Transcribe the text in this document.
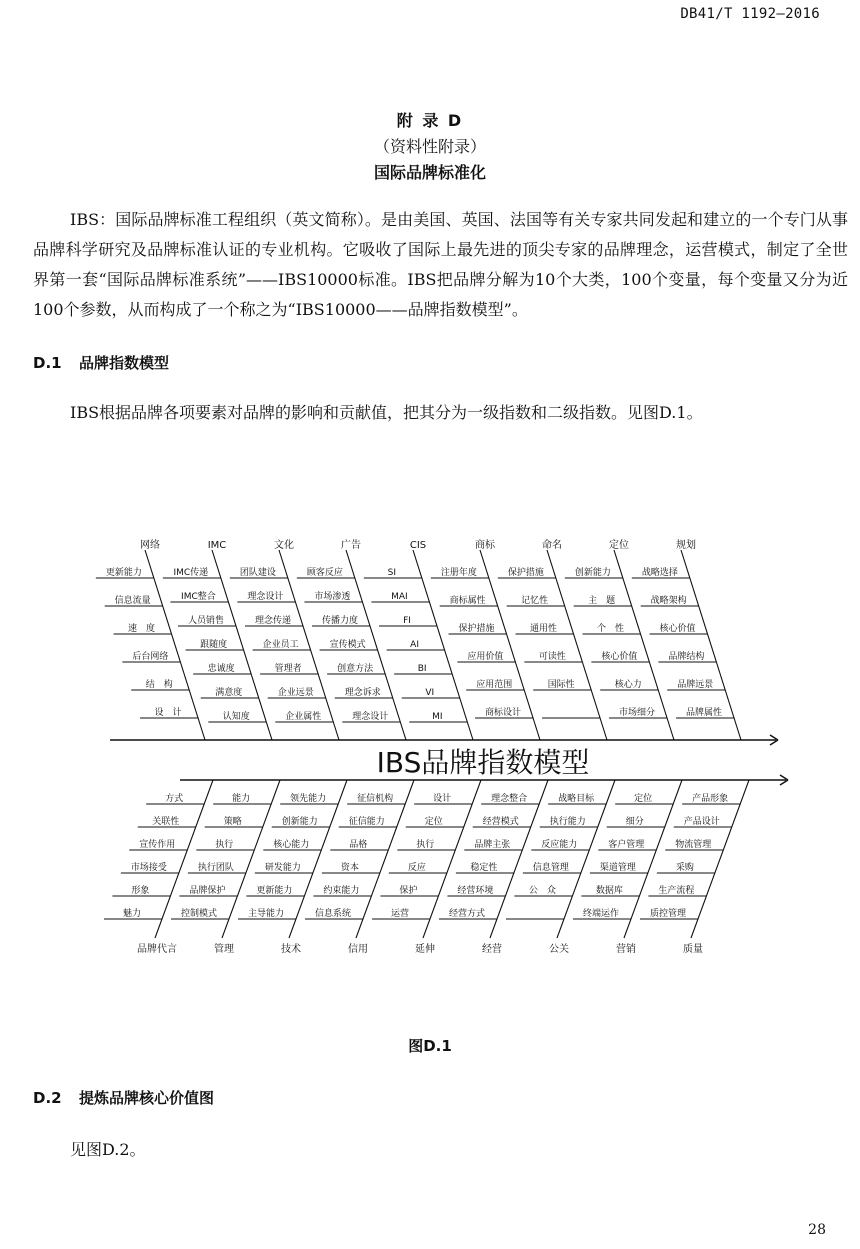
DB41/T 1192—2016
附 录 D
（资料性附录）
国际品牌标准化
IBS：国际品牌标准工程组织（英文简称）。是由美国、英国、法国等有关专家共同发起和建立的一个专门从事品牌科学研究及品牌标准认证的专业机构。它吸收了国际上最先进的顶尖专家的品牌理念，运营模式，制定了全世界第一套“国际品牌标准系统”——IBS10000标准。IBS把品牌分解为10个大类，100个变量，每个变量又分为近100个参数，从而构成了一个称之为“IBS10000——品牌指数模型”。
D.1 品牌指数模型
IBS根据品牌各项要素对品牌的影响和贡献值，把其分为一级指数和二级指数。见图D.1。
IBS品牌指数模型
网络
更新能力
信息流量
速　度
后台网络
结　构
设　计
IMC
IMC传递
IMC整合
人员销售
跟随度
忠诚度
满意度
认知度
文化
团队建设
理念设计
理念传递
企业员工
管理者
企业远景
企业属性
广告
顾客反应
市场渗透
传播力度
宣传模式
创意方法
理念诉求
理念设计
CIS
SI
MAI
FI
AI
BI
VI
MI
商标
注册年度
商标属性
保护措施
应用价值
应用范围
商标设计
命名
保护措施
记忆性
通用性
可读性
国际性
定位
创新能力
主　题
个　性
核心价值
核心力
市场细分
规划
战略选择
战略架构
核心价值
品牌结构
品牌远景
品牌属性
品牌代言
方式
关联性
宣传作用
市场接受
形象
魅力
管理
能力
策略
执行
执行团队
品牌保护
控制模式
技术
领先能力
创新能力
核心能力
研发能力
更新能力
主导能力
信用
征信机构
征信能力
品格
资本
约束能力
信息系统
延伸
设计
定位
执行
反应
保护
运营
经营
理念整合
经营模式
品牌主张
稳定性
经营环境
经营方式
公关
战略目标
执行能力
反应能力
信息管理
公　众
营销
定位
细分
客户管理
渠道管理
数据库
终端运作
质量
产品形象
产品设计
物流管理
采购
生产流程
质控管理
图D.1
D.2 提炼品牌核心价值图
见图D.2。
28
